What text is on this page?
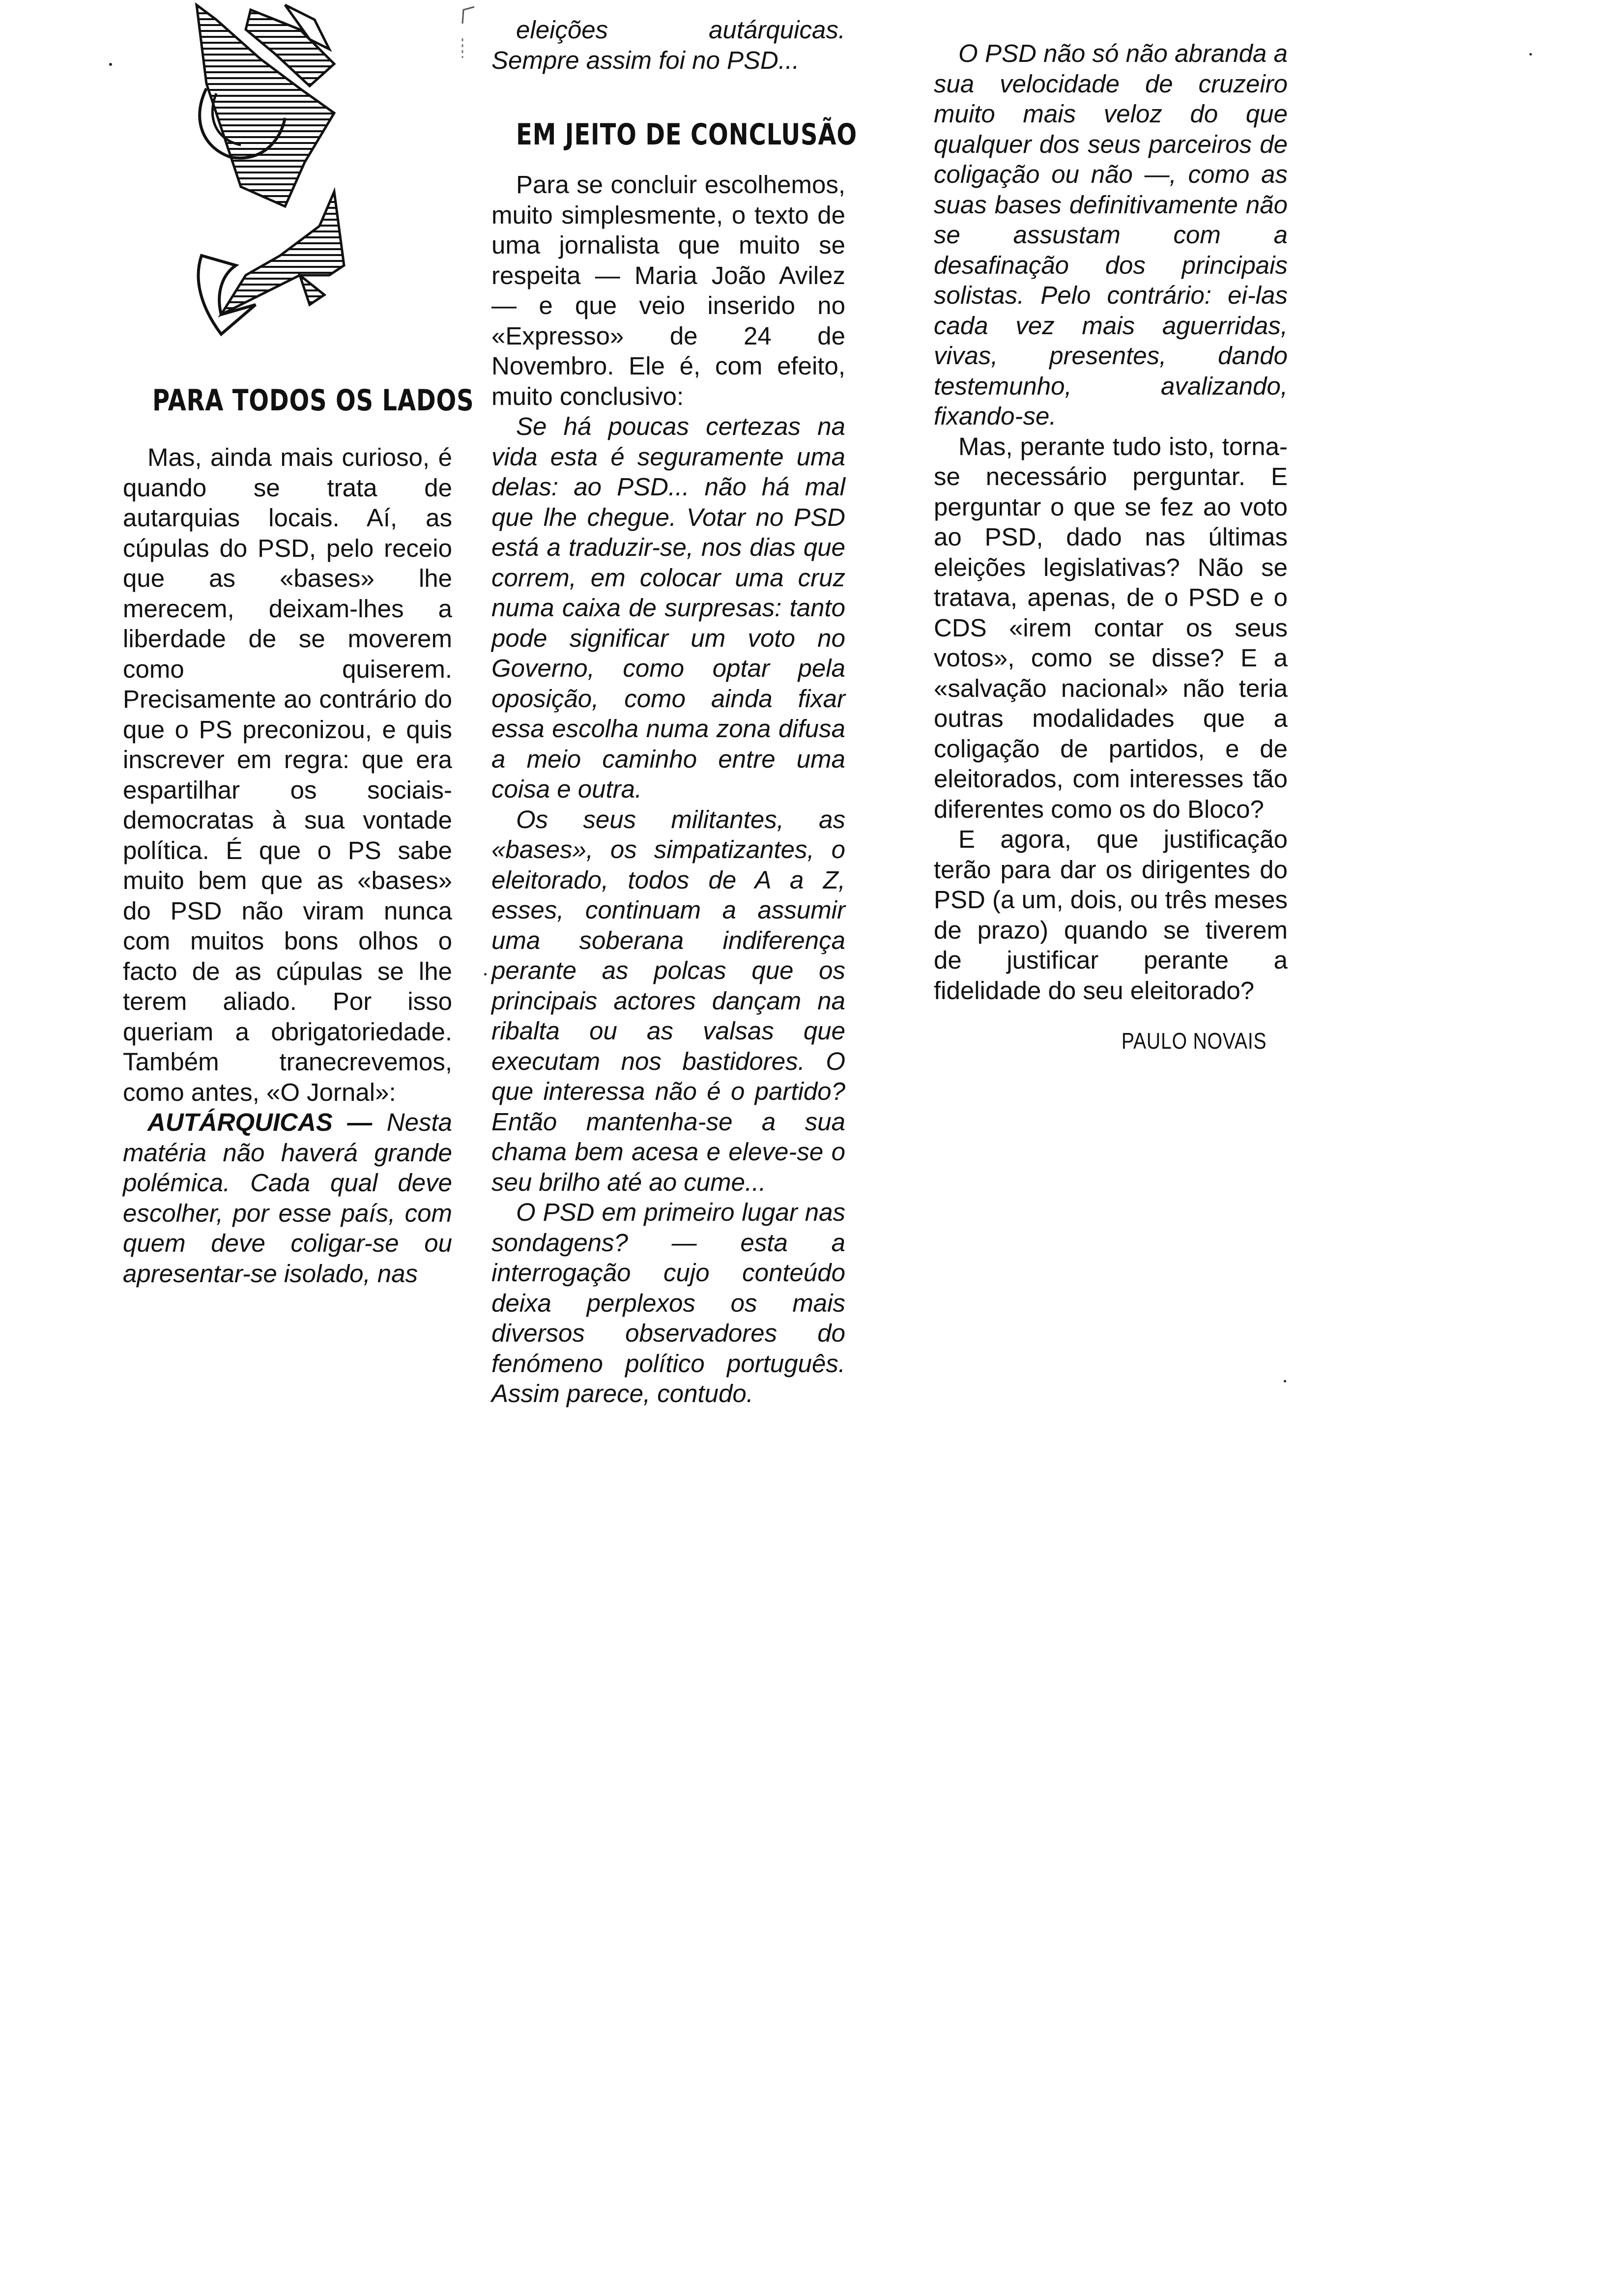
PARA TODOS OS LADOS

Mas, ainda mais curioso, é quando se trata de autarquias locais. Aí, as cúpulas do PSD, pelo receio que as «bases» lhe merecem, deixam-lhes a liberdade de se moverem como quiserem. Precisamente ao contrário do que o PS preconizou, e quis inscrever em regra: que era espartilhar os sociais-democratas à sua vontade política. É que o PS sabe muito bem que as «bases» do PSD não viram nunca com muitos bons olhos o facto de as cúpulas se lhe terem aliado. Por isso queriam a obrigatoriedade. Também tranecrevemos, como antes, «O Jornal»:

AUTÁRQUICAS — Nesta matéria não haverá grande polémica. Cada qual deve escolher, por esse país, com quem deve coligar-se ou apresentar-se isolado, nas

eleições autárquicas. Sempre assim foi no PSD...

EM JEITO DE CONCLUSÃO

Para se concluir escolhemos, muito simplesmente, o texto de uma jornalista que muito se respeita — Maria João Avilez — e que veio inserido no «Expresso» de 24 de Novembro. Ele é, com efeito, muito conclusivo:

Se há poucas certezas na vida esta é seguramente uma delas: ao PSD... não há mal que lhe chegue. Votar no PSD está a traduzir-se, nos dias que correm, em colocar uma cruz numa caixa de surpresas: tanto pode significar um voto no Governo, como optar pela oposição, como ainda fixar essa escolha numa zona difusa a meio caminho entre uma coisa e outra.

Os seus militantes, as «bases», os simpatizantes, o eleitorado, todos de A a Z, esses, continuam a assumir uma soberana indiferença perante as polcas que os principais actores dançam na ribalta ou as valsas que executam nos bastidores. O que interessa não é o partido? Então mantenha-se a sua chama bem acesa e eleve-se o seu brilho até ao cume...

O PSD em primeiro lugar nas sondagens? — esta a interrogação cujo conteúdo deixa perplexos os mais diversos observadores do fenómeno político português. Assim parece, contudo.

O PSD não só não abranda a sua velocidade de cruzeiro muito mais veloz do que qualquer dos seus parceiros de coligação ou não —, como as suas bases definitivamente não se assustam com a desafinação dos principais solistas. Pelo contrário: ei-las cada vez mais aguerridas, vivas, presentes, dando testemunho, avalizando, fixando-se.

Mas, perante tudo isto, torna-se necessário perguntar. E perguntar o que se fez ao voto ao PSD, dado nas últimas eleições legislativas? Não se tratava, apenas, de o PSD e o CDS «irem contar os seus votos», como se disse? E a «salvação nacional» não teria outras modalidades que a coligação de partidos, e de eleitorados, com interesses tão diferentes como os do Bloco?

E agora, que justificação terão para dar os dirigentes do PSD (a um, dois, ou três meses de prazo) quando se tiverem de justificar perante a fidelidade do seu eleitorado?

PAULO NOVAIS
